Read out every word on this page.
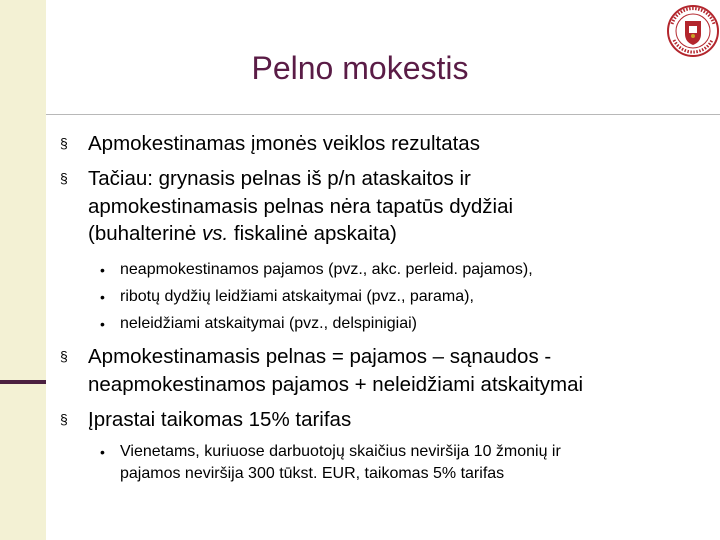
Pelno mokestis
§ Apmokestinamas įmonės veiklos rezultatas
§ Tačiau: grynasis pelnas iš p/n ataskaitos ir
apmokestinamasis pelnas nėra tapatūs dydžiai
(buhalterinė vs. fiskalinė apskaita)
• neapmokestinamos pajamos (pvz., akc. perleid. pajamos),
• ribotų dydžių leidžiami atskaitymai (pvz., parama),
• neleidžiami atskaitymai (pvz., delspinigiai)
§ Apmokestinamasis pelnas = pajamos – sąnaudos -
neapmokestinamos pajamos + neleidžiami atskaitymai
§ Įprastai taikomas 15% tarifas
• Vienetams, kuriuose darbuotojų skaičius neviršija 10 žmonių ir
pajamos neviršija 300 tūkst. EUR, taikomas 5% tarifas
